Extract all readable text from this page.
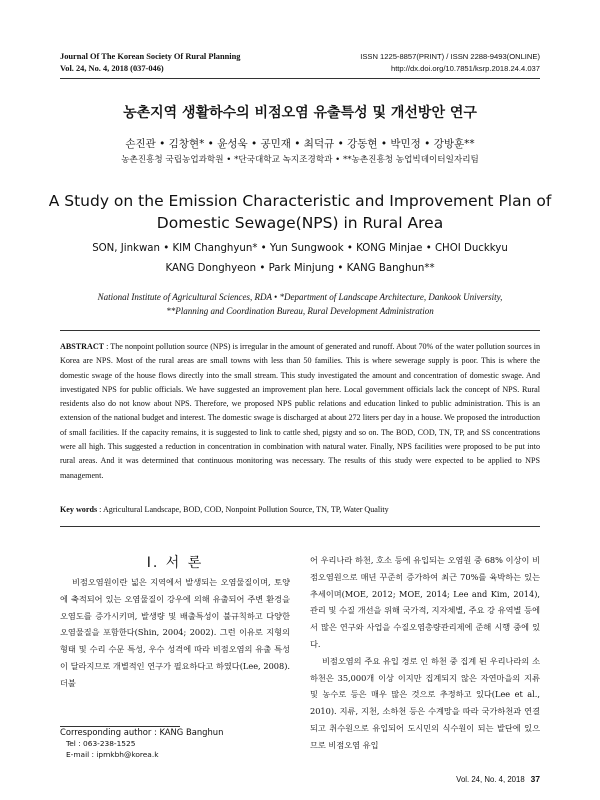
Journal Of The Korean Society Of Rural Planning
Vol. 24, No. 4, 2018 (037-046)
ISSN 1225-8857(PRINT) / ISSN 2288-9493(ONLINE)
http://dx.doi.org/10.7851/ksrp.2018.24.4.037
농촌지역 생활하수의 비점오염 유출특성 및 개선방안 연구
손진관 • 김창현* • 윤성욱 • 공민재 • 최덕규 • 강동현 • 박민정 • 강방훈**
농촌진흥청 국립농업과학원 • *단국대학교 녹지조경학과 • **농촌진흥청 농업빅데이터일자리팀
A Study on the Emission Characteristic and Improvement Plan of
Domestic Sewage(NPS) in Rural Area
SON, Jinkwan • KIM Changhyun* • Yun Sungwook • KONG Minjae • CHOI Duckkyu
KANG Donghyeon • Park Minjung • KANG Banghun**
National Institute of Agricultural Sciences, RDA • *Department of Landscape Architecture, Dankook University,
**Planning and Coordination Bureau, Rural Development Administration
ABSTRACT : The nonpoint pollution source (NPS) is irregular in the amount of generated and runoff. About 70% of the water pollution sources in Korea are NPS. Most of the rural areas are small towns with less than 50 families. This is where sewerage supply is poor. This is where the domestic swage of the house flows directly into the small stream. This study investigated the amount and concentration of domestic swage. And investigated NPS for public officials. We have suggested an improvement plan here. Local government officials lack the concept of NPS. Rural residents also do not know about NPS. Therefore, we proposed NPS public relations and education linked to public administration. This is an extension of the national budget and interest. The domestic swage is discharged at about 272 liters per day in a house. We proposed the introduction of small facilities. If the capacity remains, it is suggested to link to cattle shed, pigsty and so on. The BOD, COD, TN, TP, and SS concentrations were all high. This suggested a reduction in concentration in combination with natural water. Finally, NPS facilities were proposed to be put into rural areas. And it was determined that continuous monitoring was necessary. The results of this study were expected to be applied to NPS management.
Key words : Agricultural Landscape, BOD, COD, Nonpoint Pollution Source, TN, TP, Water Quality
Ⅰ. 서 론
비점오염원이란 넓은 지역에서 발생되는 오염물질이며, 토양에 축적되어 있는 오염물질이 강우에 의해 유출되어 주변 환경을 오염도를 증가시키며, 발생량 및 배출특성이 불규칙하고 다양한 오염물질을 포함한다(Shin, 2004; 2002). 그런 이유로 지형의 형태 및 수리 수문 특성, 우수 성격에 따라 비점오염의 유출 특성이 달라지므로 개별적인 연구가 필요하다고 하였다(Lee, 2008). 더불

어 우리나라 하천, 호소 등에 유입되는 오염원 중 68% 이상이 비점오염원으로 매년 꾸준히 증가하여 최근 70%를 육박하는 있는 추세이며(MOE, 2012; MOE, 2014; Lee and Kim, 2014), 관리 및 수질 개선을 위해 국가적, 지자체별, 주요 강 유역별 등에서 많은 연구와 사업을 수질오염총량관리제에 준해 시행 중에 있다.

비점오염의 주요 유입 경로 인 하천 중 집계 된 우리나라의 소하천은 35,000개 이상 이지만 집계되지 않은 자연마을의 지류 및 농수로 등은 매우 많은 것으로 추정하고 있다(Lee et al., 2010). 지류, 지천, 소하천 등은 수계망을 따라 국가하천과 연결되고 취수원으로 유입되어 도시민의 식수원이 되는 발단에 있으므로 비점오염 유입

Corresponding author : KANG Banghun
Tel : 063-238-1525
E-mail : ipmkbh@korea.k
Vol. 24, No. 4, 2018 37
